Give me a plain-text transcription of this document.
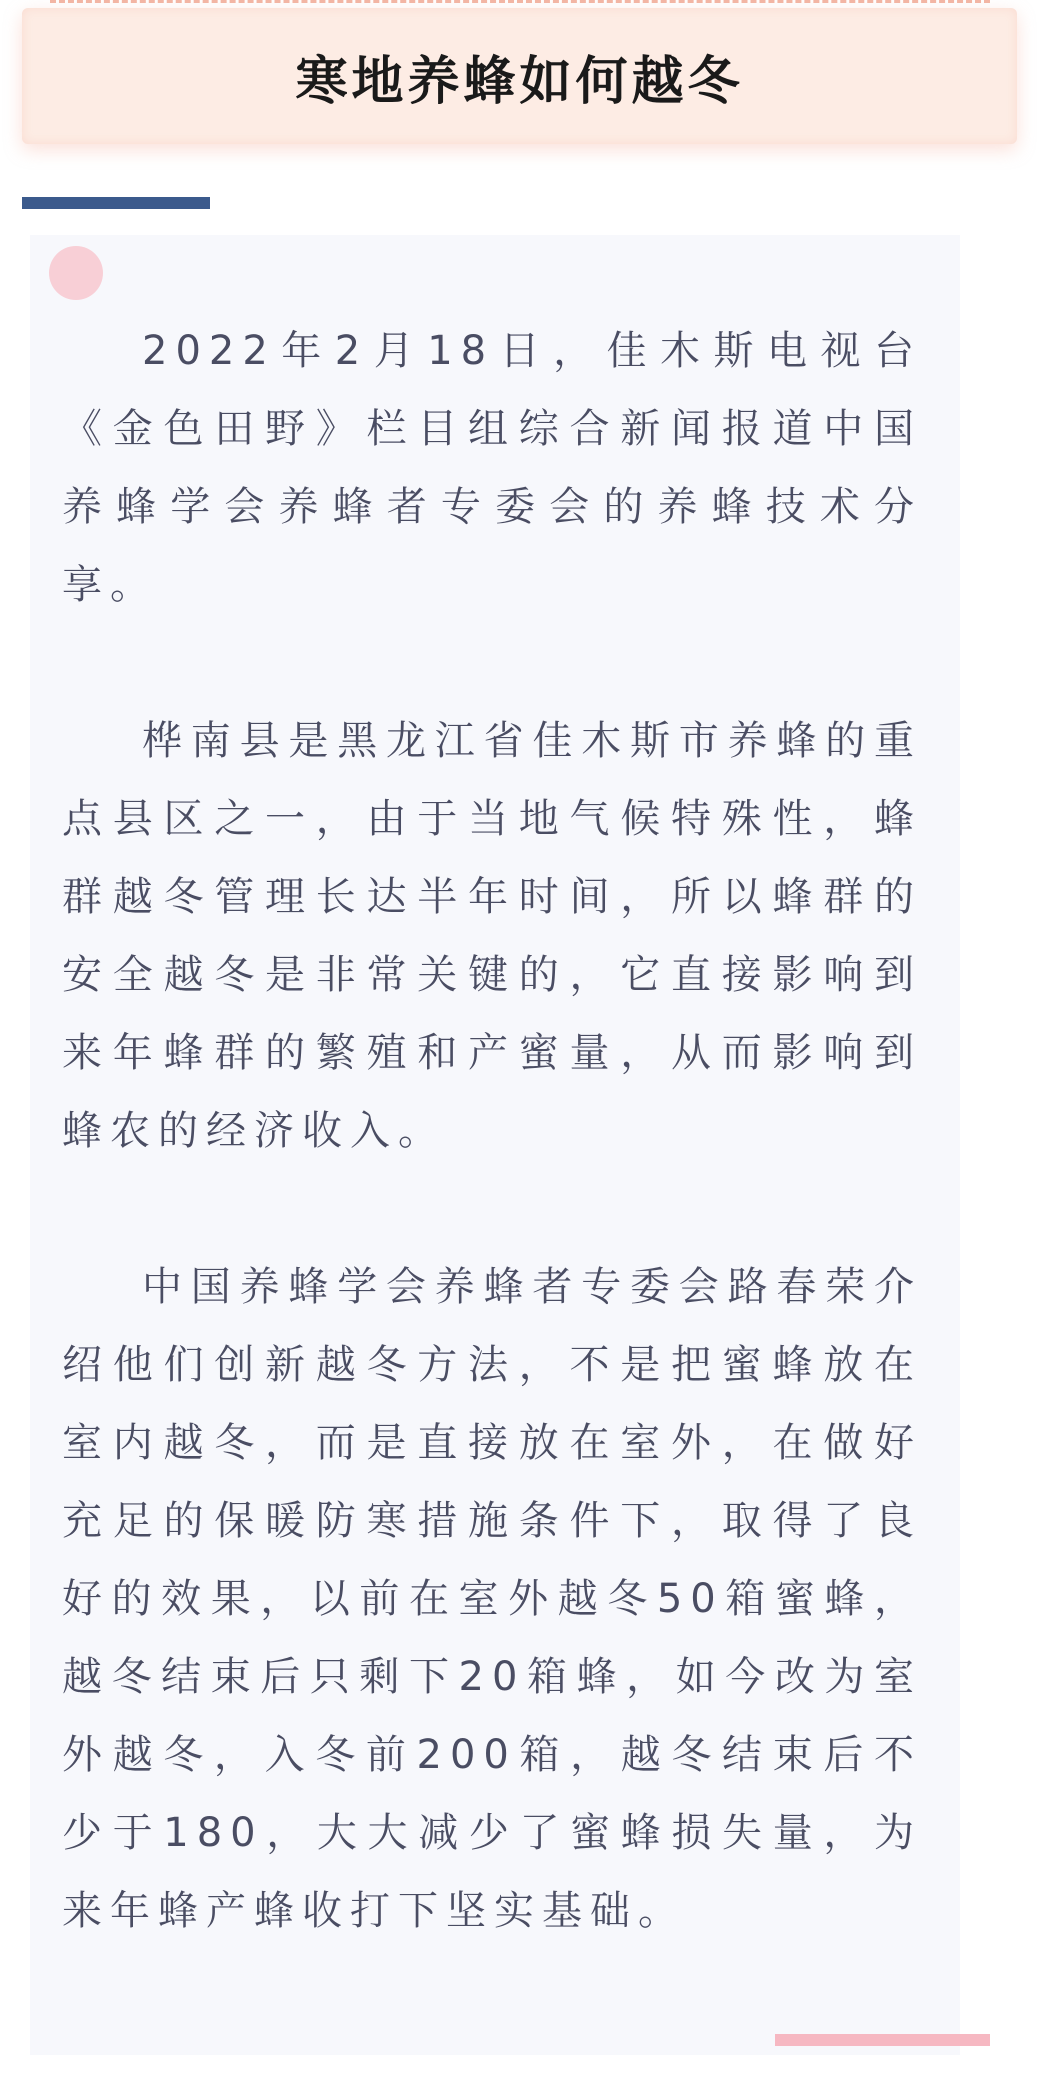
寒地养蜂如何越冬

2022年2月18日，佳木斯电视台《金色田野》栏目组综合新闻报道中国养蜂学会养蜂者专委会的养蜂技术分享。

桦南县是黑龙江省佳木斯市养蜂的重点县区之一，由于当地气候特殊性，蜂群越冬管理长达半年时间，所以蜂群的安全越冬是非常关键的，它直接影响到来年蜂群的繁殖和产蜜量，从而影响到蜂农的经济收入。

中国养蜂学会养蜂者专委会路春荣介绍他们创新越冬方法，不是把蜜蜂放在室内越冬，而是直接放在室外，在做好充足的保暖防寒措施条件下，取得了良好的效果，以前在室外越冬50箱蜜蜂，越冬结束后只剩下20箱蜂，如今改为室外越冬，入冬前200箱，越冬结束后不少于180，大大减少了蜜蜂损失量，为来年蜂产蜂收打下坚实基础。
